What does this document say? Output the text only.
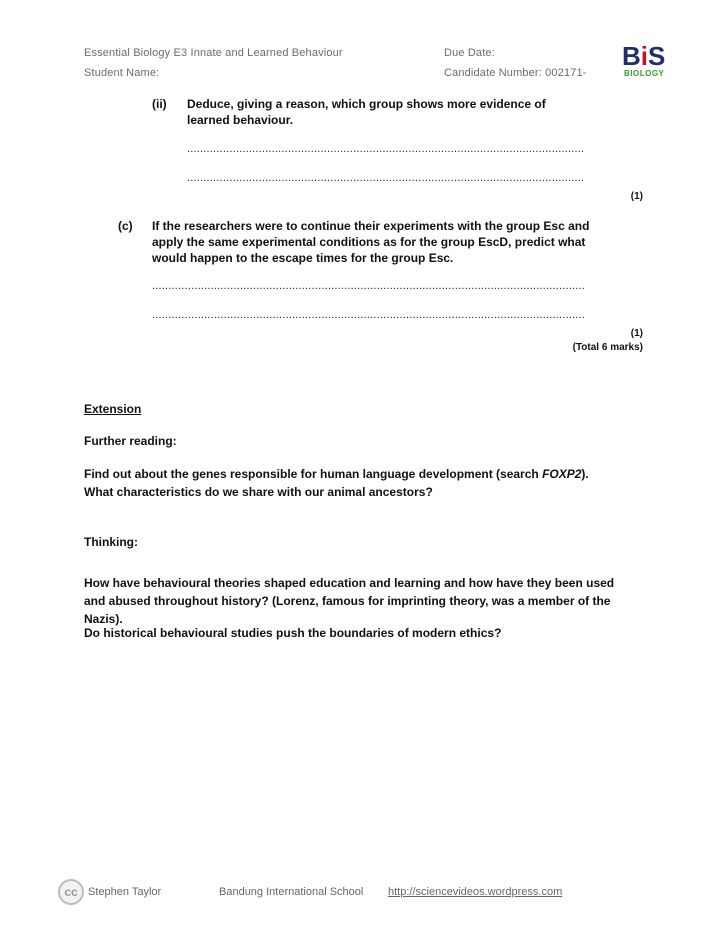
Essential Biology E3 Innate and Learned Behaviour	Due Date:
Student Name:	Candidate Number: 002171-
BiS
BIOLOGY
(ii) Deduce, giving a reason, which group shows more evidence of learned behaviour.
..........................................................................................................................
..........................................................................................................................
(1)
(c) If the researchers were to continue their experiments with the group Esc and apply the same experimental conditions as for the group EscD, predict what would happen to the escape times for the group Esc.
.....................................................................................................................................
.....................................................................................................................................
(1)
(Total 6 marks)
Extension
Further reading:
Find out about the genes responsible for human language development (search FOXP2). What characteristics do we share with our animal ancestors?
Thinking:
How have behavioural theories shaped education and learning and how have they been used and abused throughout history? (Lorenz, famous for imprinting theory, was a member of the Nazis).
Do historical behavioural studies push the boundaries of modern ethics?
cc Stephen Taylor	Bandung International School http://sciencevideos.wordpress.com
